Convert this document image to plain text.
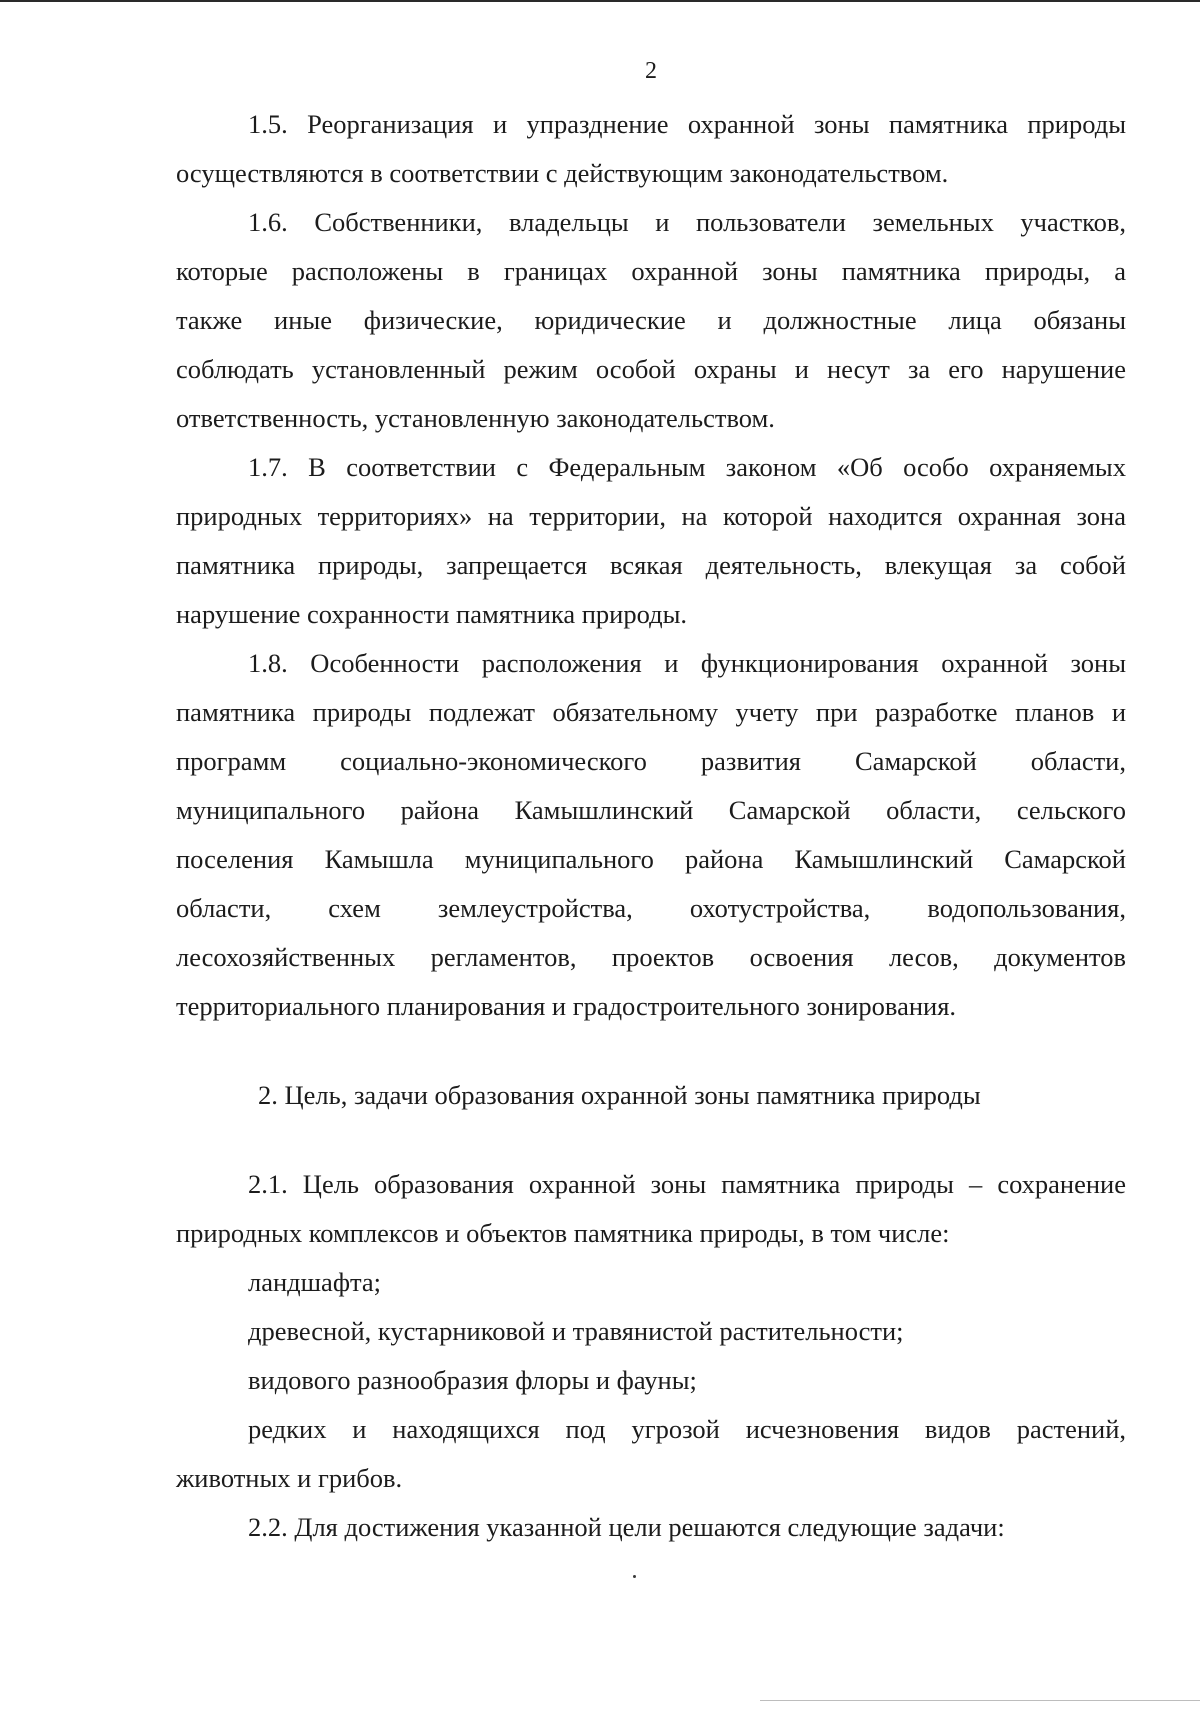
2
1.5. Реорганизация и упразднение охранной зоны памятника природы
осуществляются в соответствии с действующим законодательством.
1.6. Собственники, владельцы и пользователи земельных участков,
которые расположены в границах охранной зоны памятника природы, а
также иные физические, юридические и должностные лица обязаны
соблюдать установленный режим особой охраны и несут за его нарушение
ответственность, установленную законодательством.
1.7. В соответствии с Федеральным законом «Об особо охраняемых
природных территориях» на территории, на которой находится охранная зона
памятника природы, запрещается всякая деятельность, влекущая за собой
нарушение сохранности памятника природы.
1.8. Особенности расположения и функционирования охранной зоны
памятника природы подлежат обязательному учету при разработке планов и
программ социально-экономического развития Самарской области,
муниципального района Камышлинский Самарской области, сельского
поселения Камышла муниципального района Камышлинский Самарской
области, схем землеустройства, охотустройства, водопользования,
лесохозяйственных регламентов, проектов освоения лесов, документов
территориального планирования и градостроительного зонирования.
2. Цель, задачи образования охранной зоны памятника природы
2.1. Цель образования охранной зоны памятника природы – сохранение
природных комплексов и объектов памятника природы, в том числе:
ландшафта;
древесной, кустарниковой и травянистой растительности;
видового разнообразия флоры и фауны;
редких и находящихся под угрозой исчезновения видов растений,
животных и грибов.
2.2. Для достижения указанной цели решаются следующие задачи:
